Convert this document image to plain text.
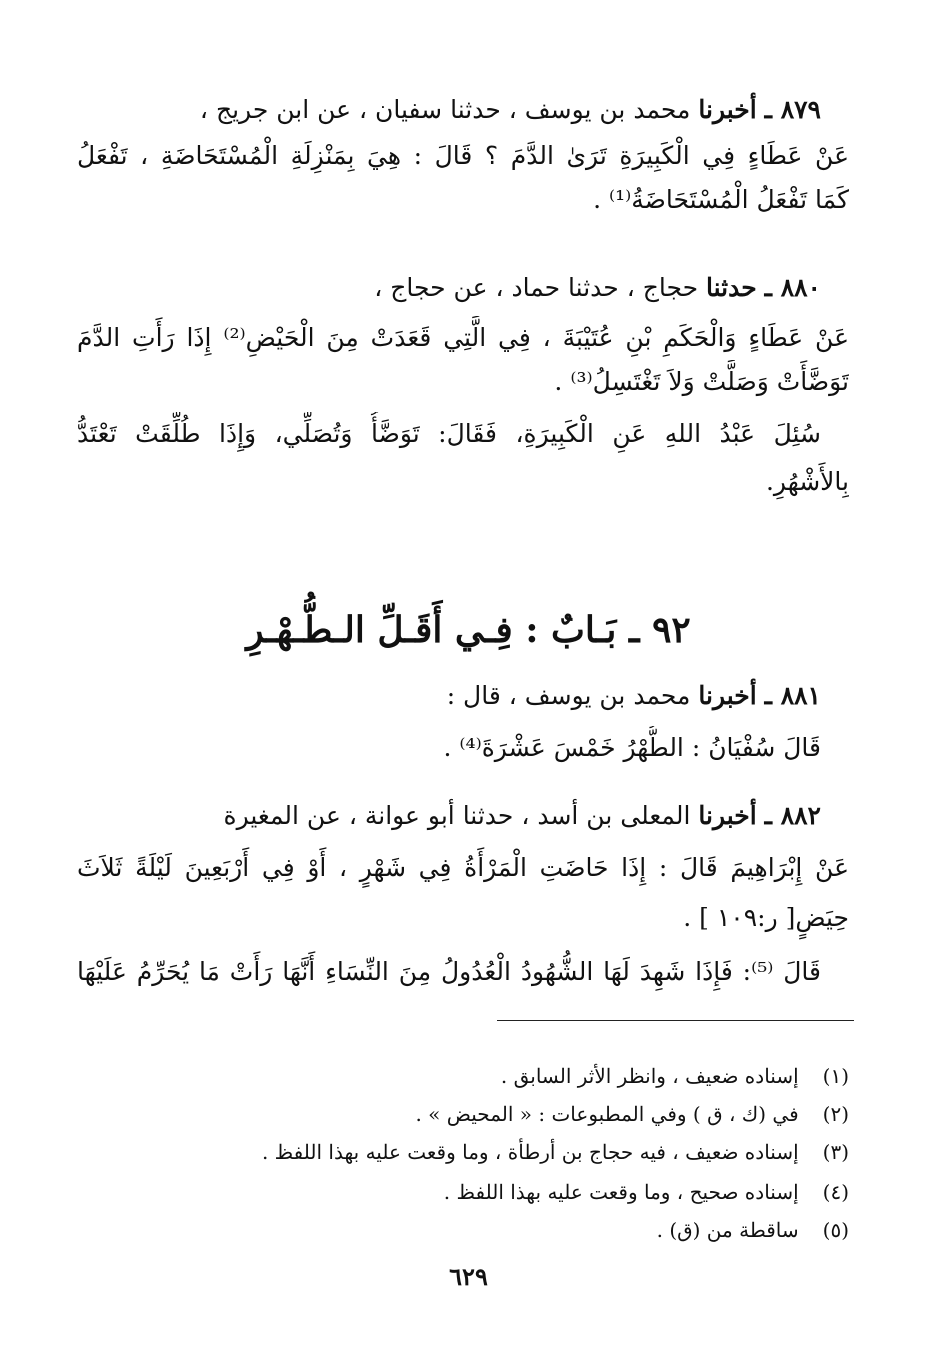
٨٧٩ ـ أخبرنا محمد بن يوسف ، حدثنا سفيان ، عن ابن جريج ،
عَنْ عَطَاءٍ فِي الْكَبِيرَةِ تَرَىٰ الدَّمَ ؟ قَالَ : هِيَ بِمَنْزِلَةِ الْمُسْتَحَاضَةِ ، تَفْعَلُ
كَمَا تَفْعَلُ الْمُسْتَحَاضَةُ⁽¹⁾ .
٨٨٠ ـ حدثنا حجاج ، حدثنا حماد ، عن حجاج ،
عَنْ عَطَاءٍ وَالْحَكَمِ بْنِ عُتَيْبَةَ ، فِي الَّتِي قَعَدَتْ مِنَ الْحَيْضِ⁽²⁾ إِذَا رَأَتِ الدَّمَ
تَوَضَّأَتْ وَصَلَّتْ وَلاَ تَغْتَسِلُ⁽³⁾ .
سُئِلَ عَبْدُ اللهِ عَنِ الْكَبِيرَةِ، فَقَالَ: تَوَضَّأُ وَتُصَلِّي، وَإِذَا طُلِّقَتْ تَعْتَدُّ
بِالأَشْهُرِ.
٩٢ ـ بَـابٌ : فِـي أَقَـلِّ الـطُّـهْـرِ
٨٨١ ـ أخبرنا محمد بن يوسف ، قال :
قَالَ سُفْيَانُ : الطُّهْرُ خَمْسَ عَشْرَةَ⁽⁴⁾ .
٨٨٢ ـ أخبرنا المعلى بن أسد ، حدثنا أبو عوانة ، عن المغيرة
عَنْ إِبْرَاهِيمَ قَالَ : إِذَا حَاضَتِ الْمَرْأَةُ فِي شَهْرٍ ، أَوْ فِي أَرْبَعِينَ لَيْلَةً ثَلاَثَ
حِيَضٍ[ ر:١٠٩ ] .
قَالَ ⁽⁵⁾: فَإِذَا شَهِدَ لَهَا الشُّهُودُ الْعُدُولُ مِنَ النِّسَاءِ أَنَّهَا رَأَتْ مَا يُحَرِّمُ عَلَيْهَا
(١) إسناده ضعيف ، وانظر الأثر السابق .
(٢) في (ك ، ق ) وفي المطبوعات : « المحيض » .
(٣) إسناده ضعيف ، فيه حجاج بن أرطأة ، وما وقعت عليه بهذا اللفظ .
(٤) إسناده صحيح ، وما وقعت عليه بهذا اللفظ .
(٥) ساقطة من (ق) .
٦٢٩
